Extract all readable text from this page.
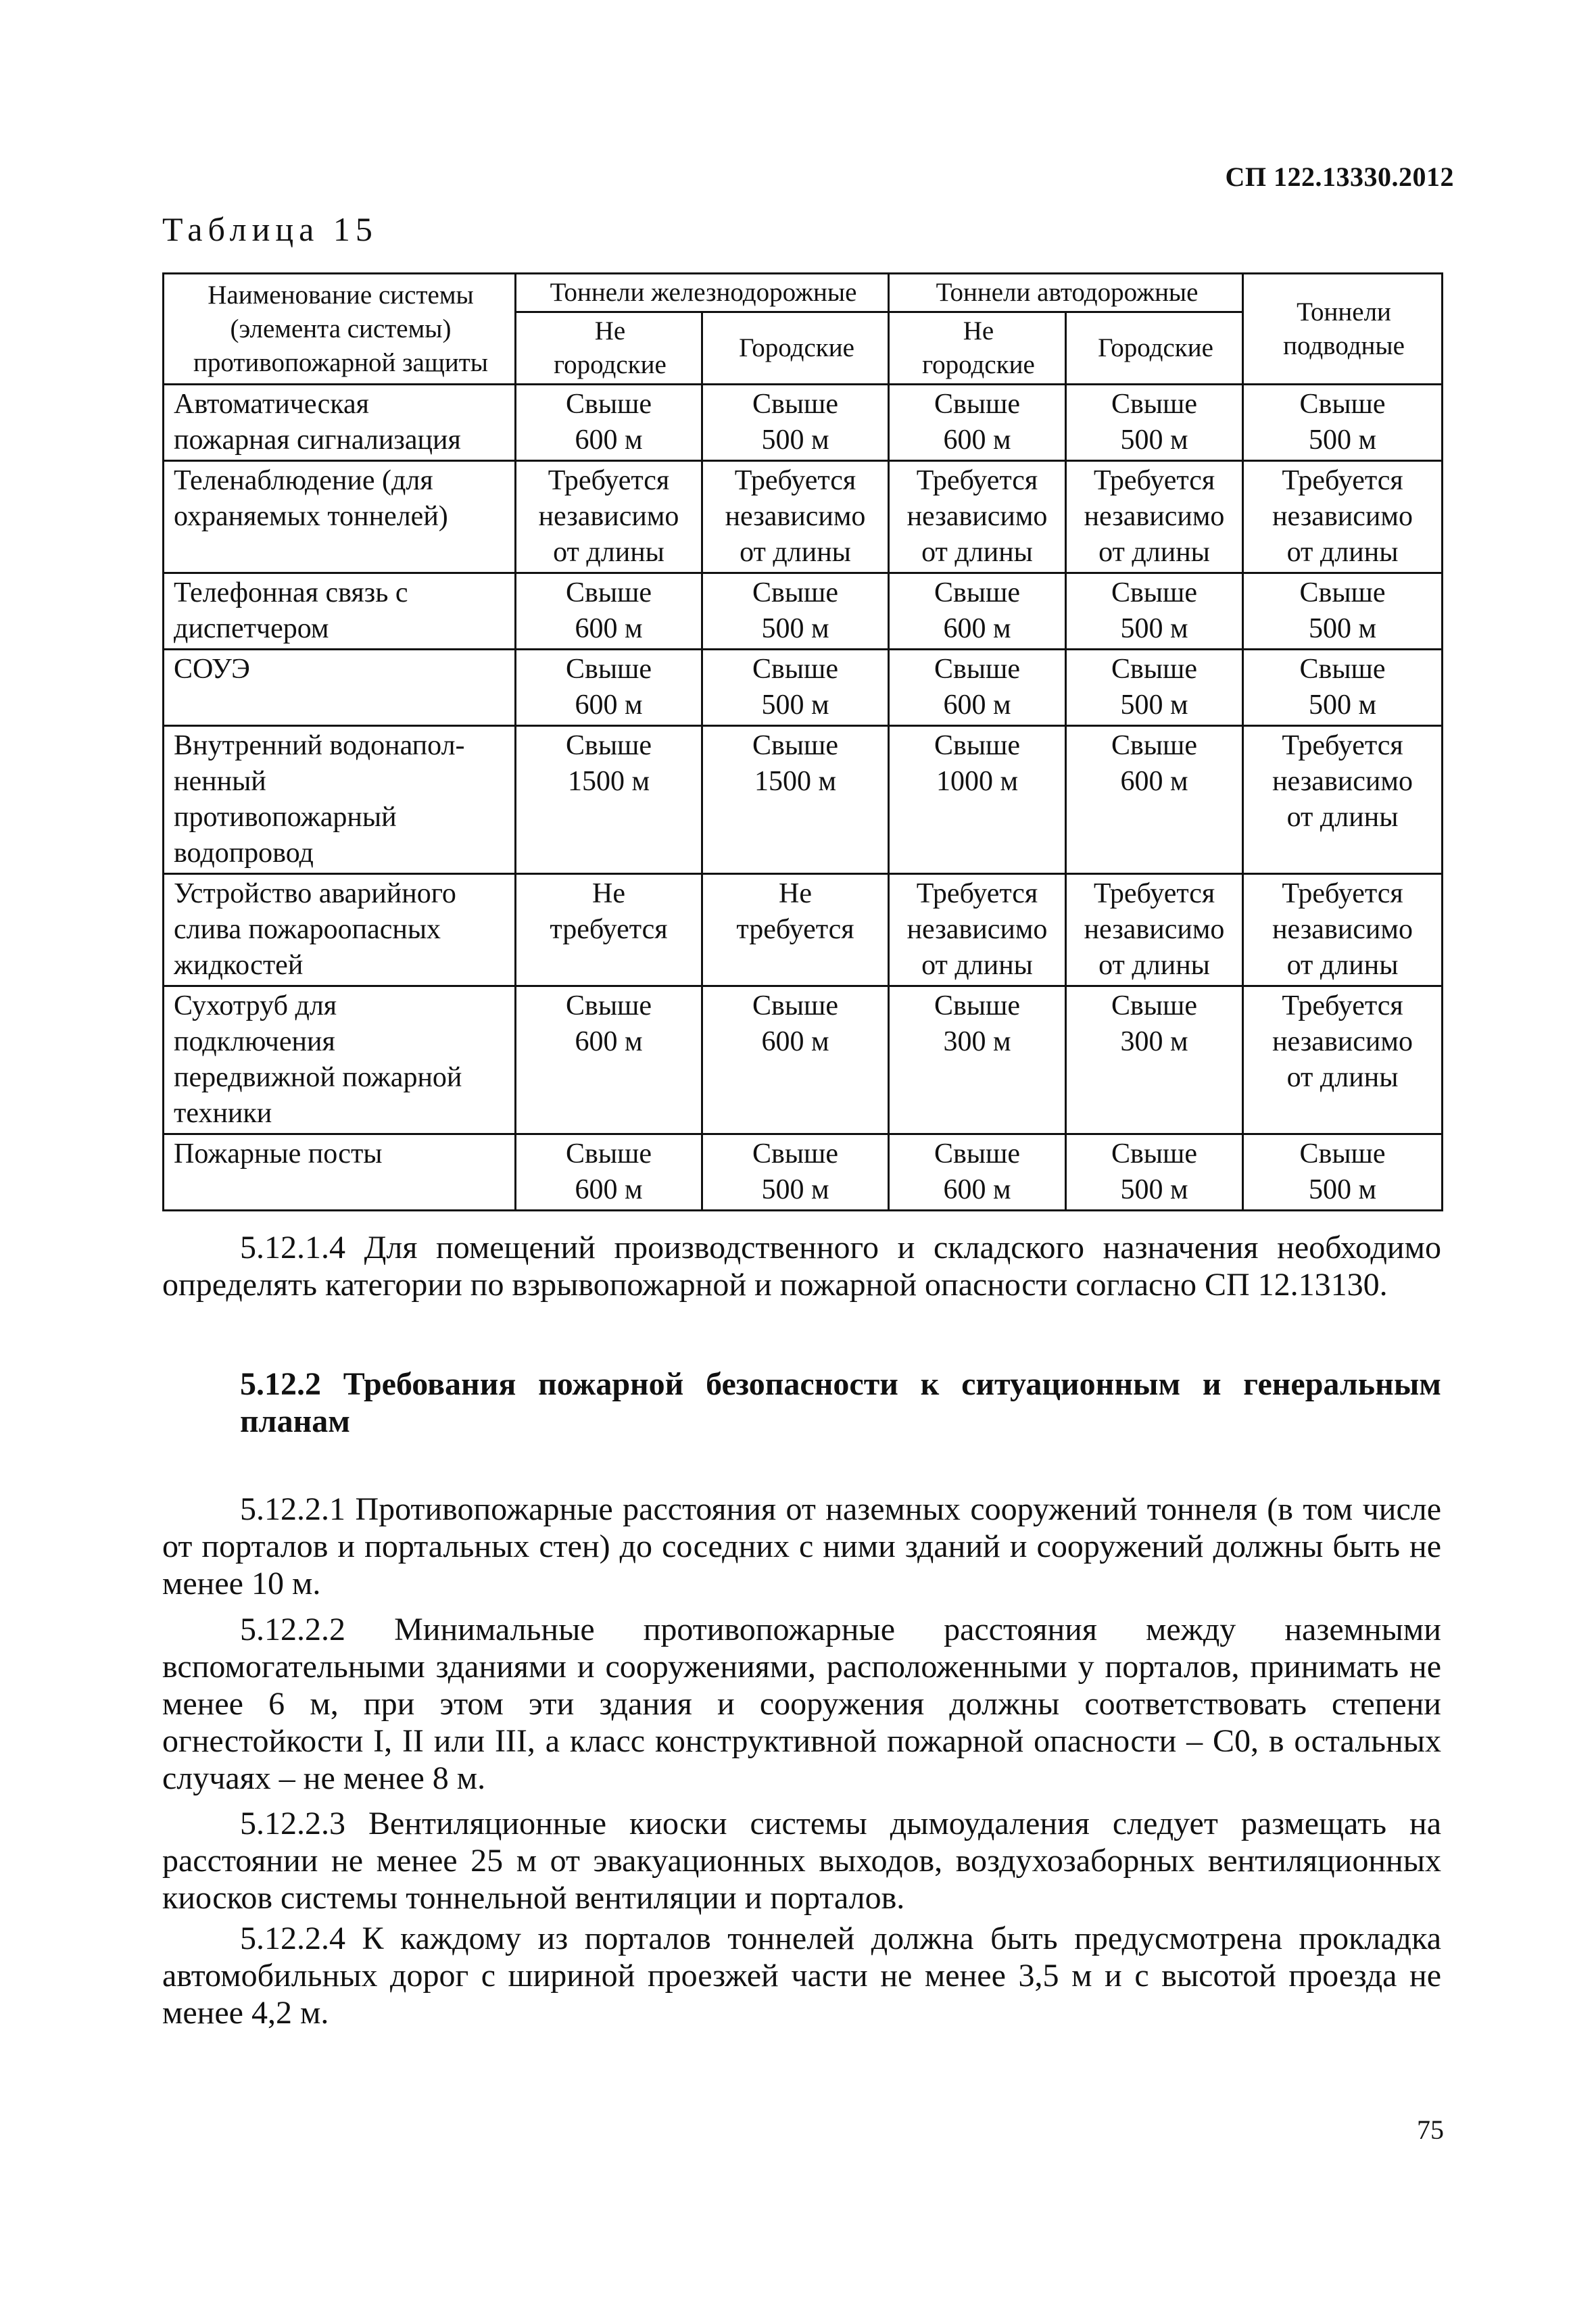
СП 122.13330.2012
Таблица 15
Наименование системы
(элемента системы)
противопожарной защиты	Тоннели железнодорожные		Тоннели автодорожные		Тоннели
подводные

	Не
городские	Городские	Не
городские	Городские	

Автоматическая
пожарная сигнализация	Свыше
600 м	Свыше
500 м	Свыше
600 м	Свыше
500 м	Свыше
500 м

Теленаблюдение (для
охраняемых тоннелей)	Требуется
независимо
от длины	Требуется
независимо
от длины	Требуется
независимо
от длины	Требуется
независимо
от длины	Требуется
независимо
от длины

Телефонная связь с
диспетчером	Свыше
600 м	Свыше
500 м	Свыше
600 м	Свыше
500 м	Свыше
500 м

СОУЭ	Свыше
600 м	Свыше
500 м	Свыше
600 м	Свыше
500 м	Свыше
500 м

Внутренний водонапол-
ненный
противопожарный
водопровод	Свыше
1500 м	Свыше
1500 м	Свыше
1000 м	Свыше
600 м	Требуется
независимо
от длины

Устройство аварийного
слива пожароопасных
жидкостей	Не
требуется	Не
требуется	Требуется
независимо
от длины	Требуется
независимо
от длины	Требуется
независимо
от длины

Сухотруб для
подключения
передвижной пожарной
техники	Свыше
600 м	Свыше
600 м	Свыше
300 м	Свыше
300 м	Требуется
независимо
от длины

Пожарные посты	Свыше
600 м	Свыше
500 м	Свыше
600 м	Свыше
500 м	Свыше
500 м
5.12.1.4 Для помещений производственного и складского назначения необходимо определять категории по взрывопожарной и пожарной опасности согласно СП 12.13130.
5.12.2 Требования пожарной безопасности к ситуационным и генеральным планам
5.12.2.1 Противопожарные расстояния от наземных сооружений тоннеля (в том числе от порталов и портальных стен) до соседних с ними зданий и сооружений должны быть не менее 10 м.
5.12.2.2 Минимальные противопожарные расстояния между наземными вспомогательными зданиями и сооружениями, расположенными у порталов, принимать не менее 6 м, при этом эти здания и сооружения должны соответствовать степени огнестойкости I, II или III, а класс конструктивной пожарной опасности – С0, в остальных случаях – не менее 8 м.
5.12.2.3 Вентиляционные киоски системы дымоудаления следует размещать на расстоянии не менее 25 м от эвакуационных выходов, воздухозаборных вентиляционных киосков системы тоннельной вентиляции и порталов.
5.12.2.4 К каждому из порталов тоннелей должна быть предусмотрена прокладка автомобильных дорог с шириной проезжей части не менее 3,5 м и с высотой проезда не менее 4,2 м.
75
